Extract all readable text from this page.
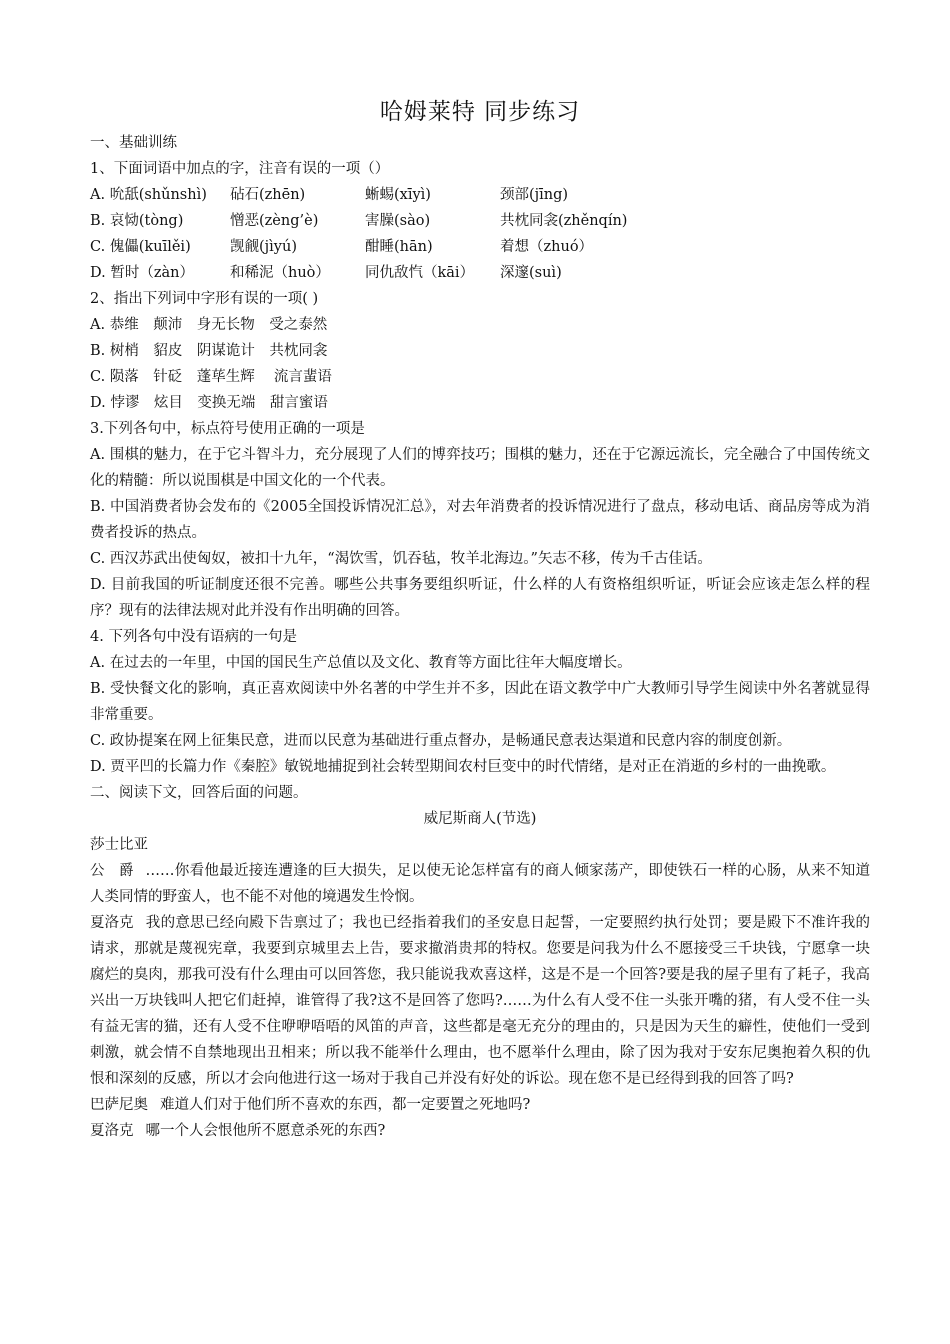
哈姆莱特 同步练习
一、基础训练
1、下面词语中加点的字，注音有误的一项（）
A. 吮舐(shǔnshì) 砧石(zhēn)	蜥蜴(xīyì)	颈部(jīng)
B. 哀恸(tòng)	憎恶(zèng’è)	害臊(sào)	共枕同衾(zhěnqín)
C. 傀儡(kuīlěi)	觊觎(jìyú)	酣睡(hān)	着想（zhuó）
D. 暂时（zàn） 和稀泥（huò） 同仇敌忾（kāi） 深邃(suì)
2、指出下列词中字形有误的一项( )
A. 恭维　颠沛　身无长物　受之泰然
B. 树梢　貂皮　阴谋诡计　共枕同衾
C. 陨落　针砭　蓬荜生辉　 流言蜚语
D. 悖谬　炫目　变换无端　甜言蜜语
3.下列各句中，标点符号使用正确的一项是

A. 围棋的魅力，在于它斗智斗力，充分展现了人们的博弈技巧；围棋的魅力，还在于它源远流长，完全融合了中国传统文化的精髓：所以说围棋是中国文化的一个代表。

B. 中国消费者协会发布的《2005全国投诉情况汇总》，对去年消费者的投诉情况进行了盘点，移动电话、商品房等成为消费者投诉的热点。

C. 西汉苏武出使匈奴，被扣十九年，“渴饮雪，饥吞毡，牧羊北海边。”矢志不移，传为千古佳话。

D. 目前我国的听证制度还很不完善。哪些公共事务要组织听证，什么样的人有资格组织听证，听证会应该走怎么样的程序？现有的法律法规对此并没有作出明确的回答。

4. 下列各句中没有语病的一句是

A. 在过去的一年里，中国的国民生产总值以及文化、教育等方面比往年大幅度增长。

B. 受快餐文化的影响，真正喜欢阅读中外名著的中学生并不多，因此在语文教学中广大教师引导学生阅读中外名著就显得非常重要。

C. 政协提案在网上征集民意，进而以民意为基础进行重点督办，是畅通民意表达渠道和民意内容的制度创新。

D. 贾平凹的长篇力作《秦腔》敏锐地捕捉到社会转型期间农村巨变中的时代情绪，是对正在消逝的乡村的一曲挽歌。

二、阅读下文，回答后面的问题。
威尼斯商人(节选)
莎士比亚

公　爵 ……你看他最近接连遭逢的巨大损失，足以使无论怎样富有的商人倾家荡产，即使铁石一样的心肠，从来不知道人类同情的野蛮人，也不能不对他的境遇发生怜悯。

夏洛克 我的意思已经向殿下告禀过了；我也已经指着我们的圣安息日起誓，一定要照约执行处罚；要是殿下不准许我的请求，那就是蔑视宪章，我要到京城里去上告，要求撤消贵邦的特权。您要是问我为什么不愿接受三千块钱，宁愿拿一块腐烂的臭肉，那我可没有什么理由可以回答您，我只能说我欢喜这样，这是不是一个回答?要是我的屋子里有了耗子，我高兴出一万块钱叫人把它们赶掉，谁管得了我?这不是回答了您吗?……为什么有人受不住一头张开嘴的猪，有人受不住一头有益无害的猫，还有人受不住咿咿唔唔的风笛的声音，这些都是毫无充分的理由的，只是因为天生的癖性，使他们一受到刺激，就会情不自禁地现出丑相来；所以我不能举什么理由，也不愿举什么理由，除了因为我对于安东尼奥抱着久积的仇恨和深刻的反感，所以才会向他进行这一场对于我自己并没有好处的诉讼。现在您不是已经得到我的回答了吗?

巴萨尼奥 难道人们对于他们所不喜欢的东西，都一定要置之死地吗?

夏洛克 哪一个人会恨他所不愿意杀死的东西?
